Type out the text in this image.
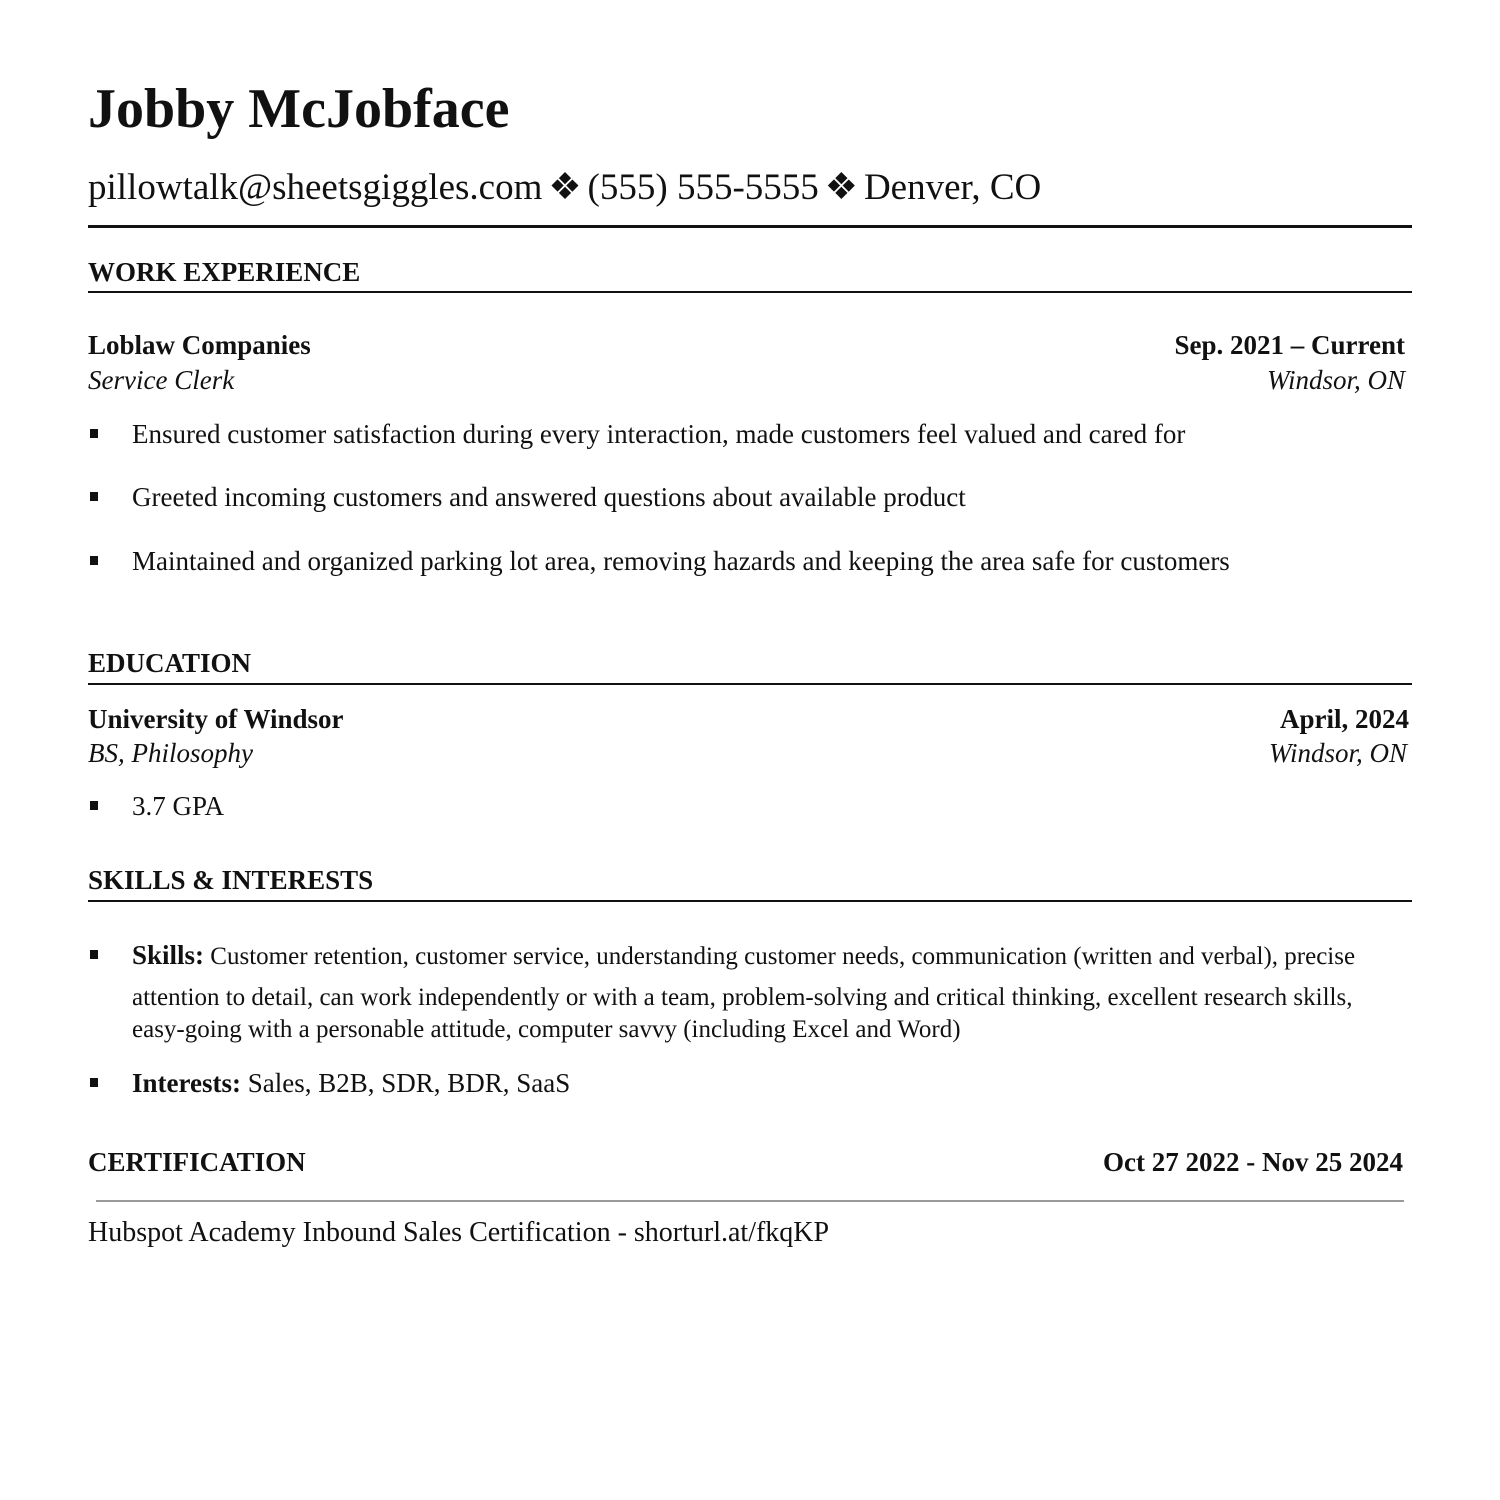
Jobby McJobface
pillowtalk@sheetsgiggles.com ❖ (555) 555-5555 ❖ Denver, CO
WORK EXPERIENCE
Loblaw Companies	Sep. 2021 – Current
Service Clerk	Windsor, ON
Ensured customer satisfaction during every interaction, made customers feel valued and cared for
Greeted incoming customers and answered questions about available product
Maintained and organized parking lot area, removing hazards and keeping the area safe for customers
EDUCATION
University of Windsor	April, 2024
BS, Philosophy	Windsor, ON
3.7 GPA
SKILLS & INTERESTS
Skills: Customer retention, customer service, understanding customer needs, communication (written and verbal), precise
attention to detail, can work independently or with a team, problem-solving and critical thinking, excellent research skills,
easy-going with a personable attitude, computer savvy (including Excel and Word)
Interests: Sales, B2B, SDR, BDR, SaaS
CERTIFICATION	Oct 27 2022 - Nov 25 2024
Hubspot Academy Inbound Sales Certification - shorturl.at/fkqKP
